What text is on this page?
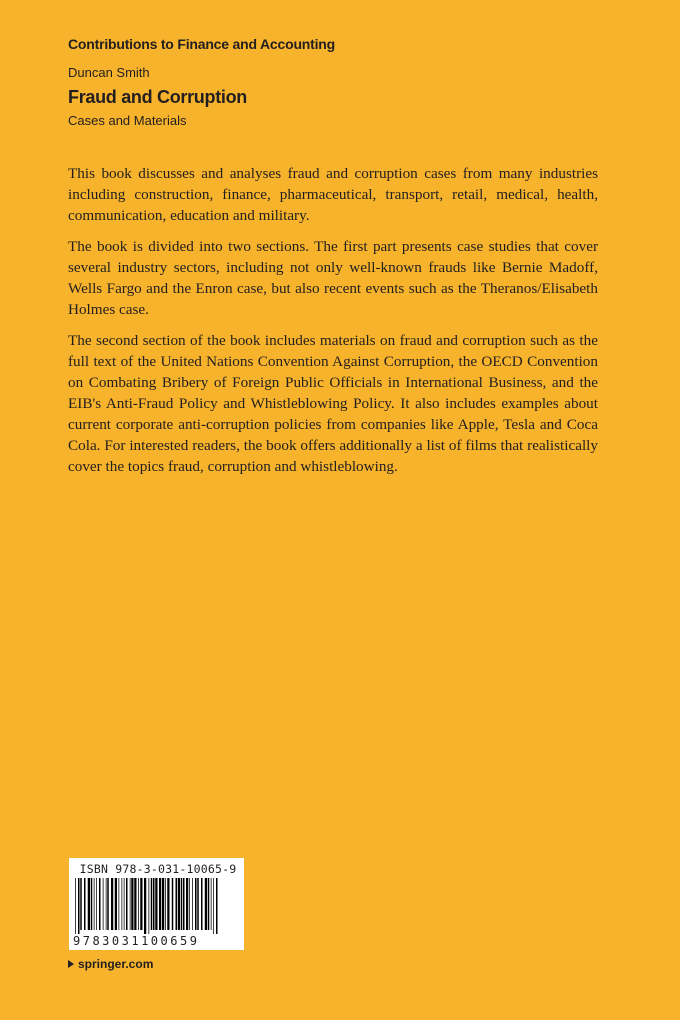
Contributions to Finance and Accounting
Duncan Smith
Fraud and Corruption
Cases and Materials

This book discusses and analyses fraud and corruption cases from many industries including construction, finance, pharmaceutical, transport, retail, medical, health, communication, education and military.

The book is divided into two sections. The first part presents case studies that cover several industry sectors, including not only well-known frauds like Bernie Madoff, Wells Fargo and the Enron case, but also recent events such as the Theranos/Elisabeth Holmes case.

The second section of the book includes materials on fraud and corruption such as the full text of the United Nations Convention Against Corruption, the OECD Convention on Combating Bribery of Foreign Public Officials in International Business, and the EIB's Anti-Fraud Policy and Whistleblowing Policy. It also includes examples about current corporate anti-corruption policies from companies like Apple, Tesla and Coca Cola. For interested readers, the book offers additionally a list of films that realistically cover the topics fraud, corruption and whistleblowing.

ISBN 978-3-031-10065-9
9783031100659
springer.com
